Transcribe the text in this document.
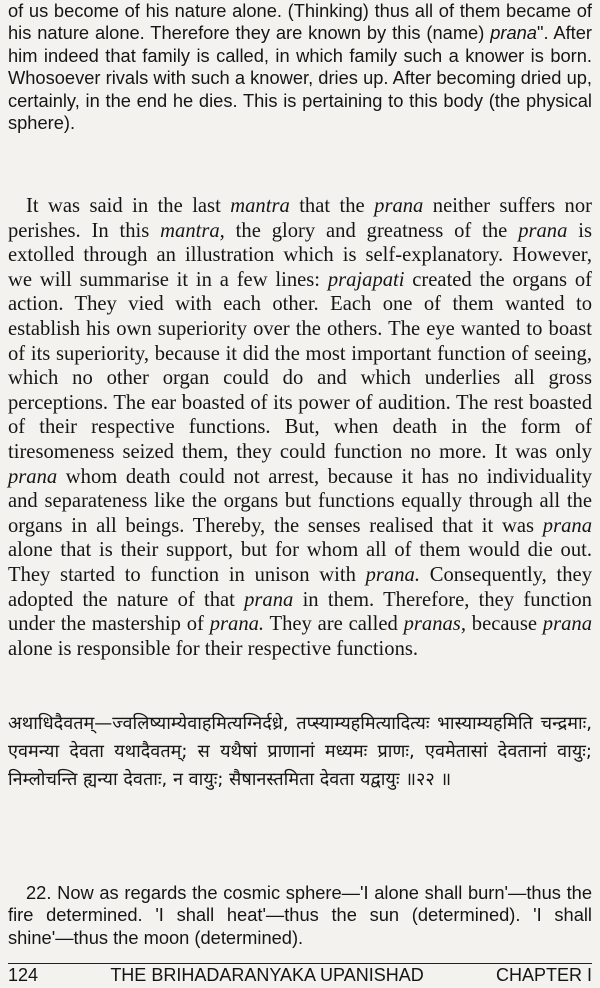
of us become of his nature alone. (Thinking) thus all of them became of his nature alone. Therefore they are known by this (name) prana". After him indeed that family is called, in which family such a knower is born. Whosoever rivals with such a knower, dries up. After becoming dried up, certainly, in the end he dies. This is pertaining to this body (the physical sphere).

It was said in the last mantra that the prana neither suffers nor perishes. In this mantra, the glory and greatness of the prana is extolled through an illustration which is self-explanatory. However, we will summarise it in a few lines: prajapati created the organs of action. They vied with each other. Each one of them wanted to establish his own superiority over the others. The eye wanted to boast of its superiority, because it did the most important function of seeing, which no other organ could do and which underlies all gross perceptions. The ear boasted of its power of audition. The rest boasted of their respective functions. But, when death in the form of tiresomeness seized them, they could function no more. It was only prana whom death could not arrest, because it has no individuality and separateness like the organs but functions equally through all the organs in all beings. Thereby, the senses realised that it was prana alone that is their support, but for whom all of them would die out. They started to function in unison with prana. Consequently, they adopted the nature of that prana in them. Therefore, they function under the mastership of prana. They are called pranas, because prana alone is responsible for their respective functions.

अथाधिदैवतम्—ज्वलिष्याम्येवाहमित्यग्निर्दध्रे, तप्स्याम्यहमित्यादित्यः भास्याम्यहमिति चन्द्रमाः, एवमन्या देवता यथादैवतम्; स यथैषां प्राणानां मध्यमः प्राणः, एवमेतासां देवतानां वायुः; निम्लोचन्ति ह्यन्या देवताः, न वायुः; सैषानस्तमिता देवता यद्वायुः ॥२२ ॥

22. Now as regards the cosmic sphere—'I alone shall burn'—thus the fire determined. 'I shall heat'—thus the sun (determined). 'I shall shine'—thus the moon (determined).

124	THE BRIHADARANYAKA UPANISHAD	CHAPTER I
